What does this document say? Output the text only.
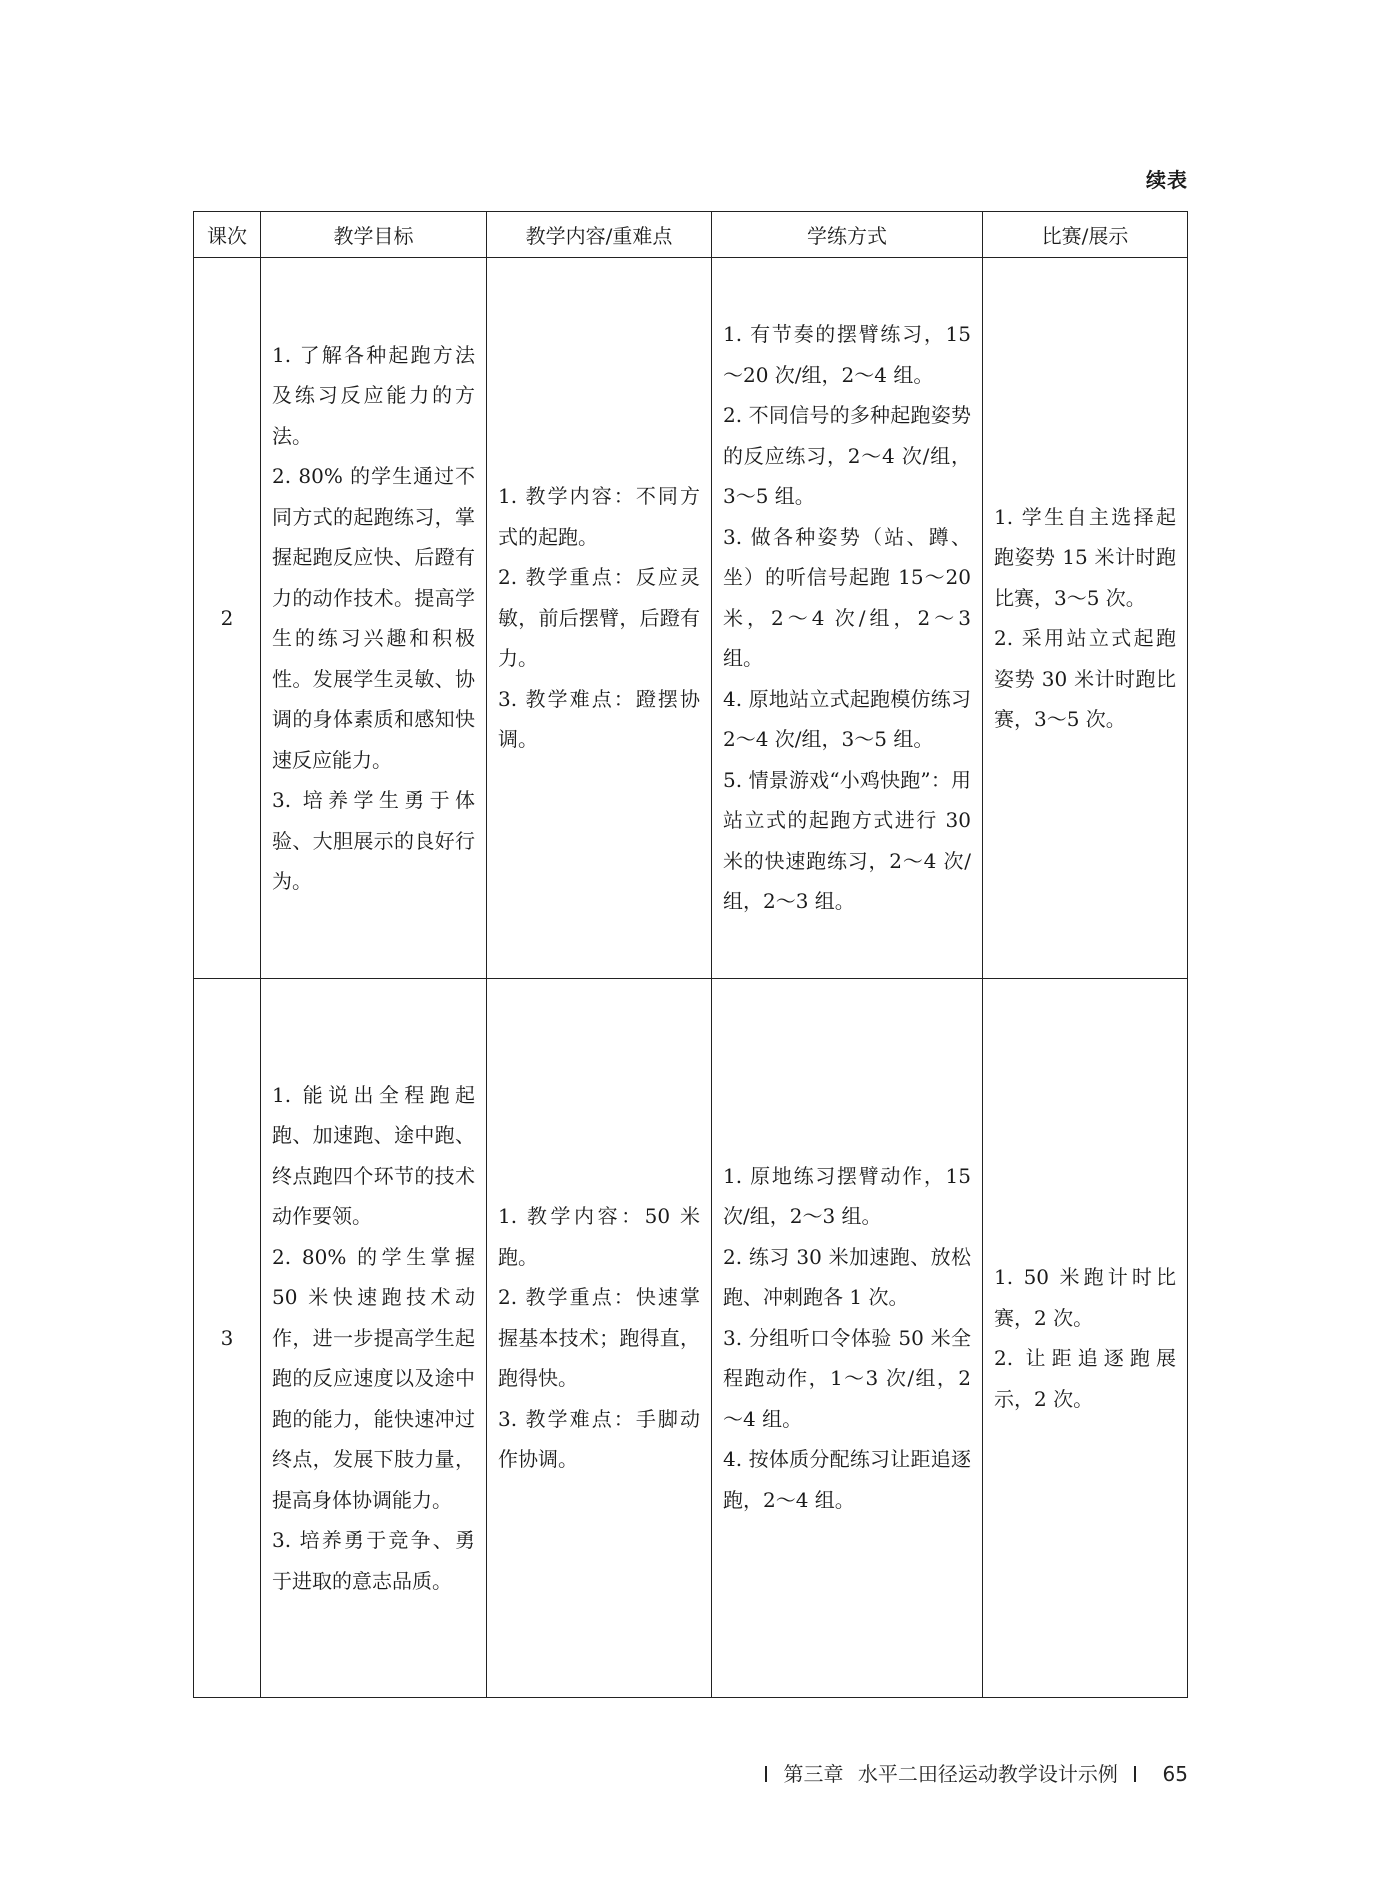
续表
课次	教学目标	教学内容/重难点	学练方式	比赛/展示
2	1. 了解各种起跑方法及练习反应能力的方法。
2. 80% 的学生通过不同方式的起跑练习，掌握起跑反应快、后蹬有力的动作技术。提高学生的练习兴趣和积极性。发展学生灵敏、协调的身体素质和感知快速反应能力。
3. 培养学生勇于体验、大胆展示的良好行为。	1. 教学内容：不同方式的起跑。
2. 教学重点：反应灵敏，前后摆臂，后蹬有力。
3. 教学难点：蹬摆协调。	1. 有节奏的摆臂练习，15～20 次/组，2～4 组。
2. 不同信号的多种起跑姿势的反应练习，2～4 次/组，3～5 组。
3. 做各种姿势（站、蹲、坐）的听信号起跑 15～20 米，2～4 次/组，2～3 组。
4. 原地站立式起跑模仿练习 2～4 次/组，3～5 组。
5. 情景游戏“小鸡快跑”：用站立式的起跑方式进行 30 米的快速跑练习，2～4 次/组，2～3 组。	1. 学生自主选择起跑姿势 15 米计时跑比赛，3～5 次。
2. 采用站立式起跑姿势 30 米计时跑比赛，3～5 次。

3	1. 能说出全程跑起跑、加速跑、途中跑、终点跑四个环节的技术动作要领。
2. 80% 的学生掌握 50 米快速跑技术动作，进一步提高学生起跑的反应速度以及途中跑的能力，能快速冲过终点，发展下肢力量，提高身体协调能力。
3. 培养勇于竞争、勇于进取的意志品质。	1. 教学内容：50 米跑。
2. 教学重点：快速掌握基本技术；跑得直，跑得快。
3. 教学难点：手脚动作协调。	1. 原地练习摆臂动作，15 次/组，2～3 组。
2. 练习 30 米加速跑、放松跑、冲刺跑各 1 次。
3. 分组听口令体验 50 米全程跑动作，1～3 次/组，2～4 组。
4. 按体质分配练习让距追逐跑，2～4 组。	1. 50 米跑计时比赛，2 次。
2. 让距追逐跑展示，2 次。
第三章 水平二田径运动教学设计示例 65
